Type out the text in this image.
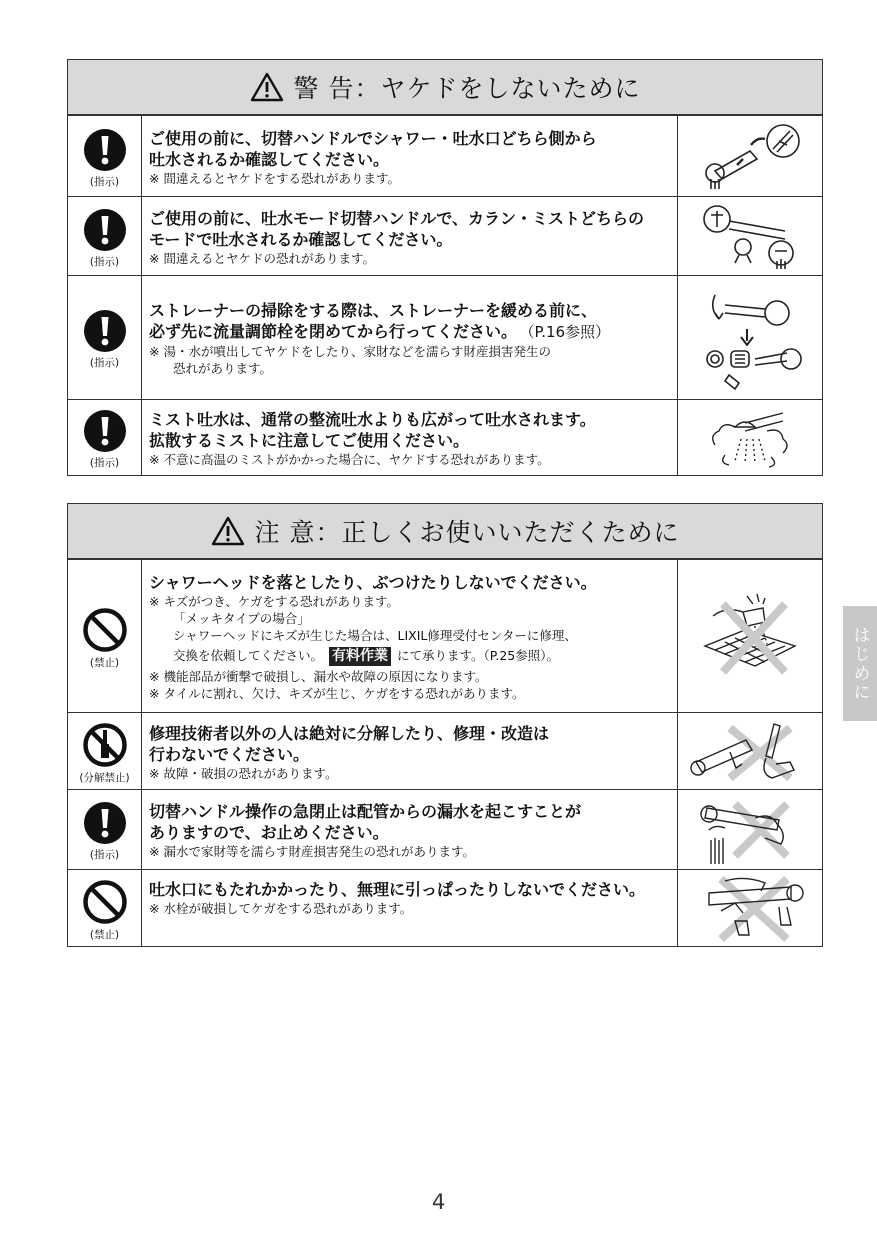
警 告：ヤケドをしないために
(指示)
ご使用の前に、切替ハンドルでシャワー・吐水口どちら側から
吐水されるか確認してください。
※ 間違えるとヤケドをする恐れがあります。
(指示)
ご使用の前に、吐水モード切替ハンドルで、カラン・ミストどちらの
モードで吐水されるか確認してください。
※ 間違えるとヤケドの恐れがあります。
(指示)
ストレーナーの掃除をする際は、ストレーナーを緩める前に、
必ず先に流量調節栓を閉めてから行ってください。 （P.16参照）
※ 湯・水が噴出してヤケドをしたり、家財などを濡らす財産損害発生の
恐れがあります。
(指示)
ミスト吐水は、通常の整流吐水よりも広がって吐水されます。
拡散するミストに注意してご使用ください。
※ 不意に高温のミストがかかった場合に、ヤケドする恐れがあります。
注 意：正しくお使いいただくために
(禁止)
シャワーヘッドを落としたり、ぶつけたりしないでください。
※ キズがつき、ケガをする恐れがあります。
「メッキタイプの場合」
シャワーヘッドにキズが生じた場合は、LIXIL修理受付センターに修理、
交換を依頼してください。 有料作業 にて承ります。（P.25参照）。
※ 機能部品が衝撃で破損し、漏水や故障の原因になります。
※ タイルに割れ、欠け、キズが生じ、ケガをする恐れがあります。
(分解禁止)
修理技術者以外の人は絶対に分解したり、修理・改造は
行わないでください。
※ 故障・破損の恐れがあります。
(指示)
切替ハンドル操作の急閉止は配管からの漏水を起こすことが
ありますので、お止めください。
※ 漏水で家財等を濡らす財産損害発生の恐れがあります。
(禁止)
吐水口にもたれかかったり、無理に引っぱったりしないでください。
※ 水栓が破損してケガをする恐れがあります。
はじめに
4
